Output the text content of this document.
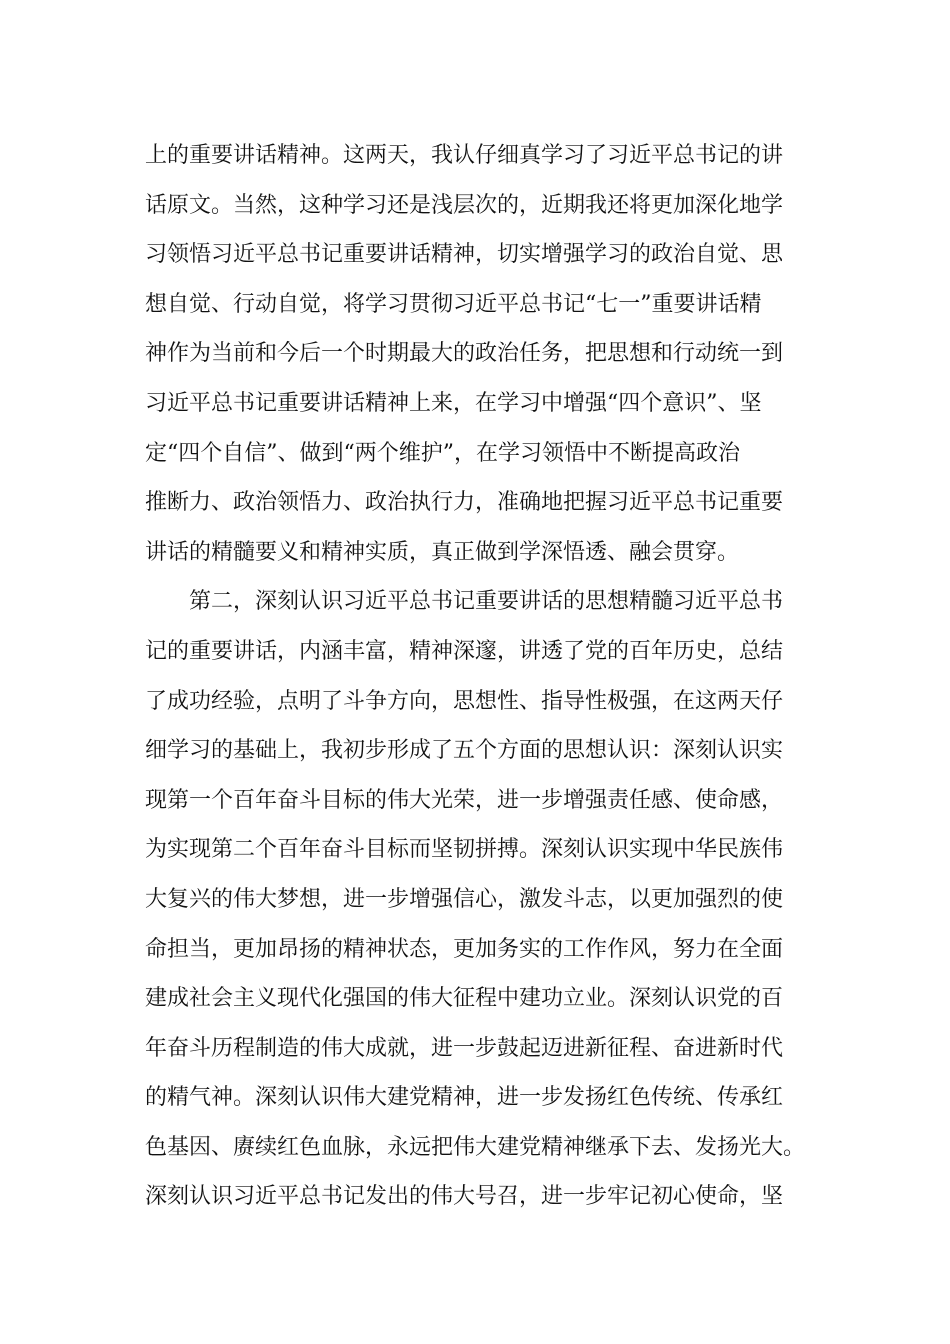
上的重要讲话精神。这两天，我认仔细真学习了习近平总书记的讲
话原文。当然，这种学习还是浅层次的，近期我还将更加深化地学
习领悟习近平总书记重要讲话精神，切实增强学习的政治自觉、思
想自觉、行动自觉，将学习贯彻习近平总书记“七一”重要讲话精
神作为当前和今后一个时期最大的政治任务，把思想和行动统一到
习近平总书记重要讲话精神上来，在学习中增强“四个意识”、坚
定“四个自信”、做到“两个维护”，在学习领悟中不断提高政治
推断力、政治领悟力、政治执行力，准确地把握习近平总书记重要
讲话的精髓要义和精神实质，真正做到学深悟透、融会贯穿。
第二，深刻认识习近平总书记重要讲话的思想精髓习近平总书
记的重要讲话，内涵丰富，精神深邃，讲透了党的百年历史，总结
了成功经验，点明了斗争方向，思想性、指导性极强，在这两天仔
细学习的基础上，我初步形成了五个方面的思想认识：深刻认识实
现第一个百年奋斗目标的伟大光荣，进一步增强责任感、使命感，
为实现第二个百年奋斗目标而坚韧拼搏。深刻认识实现中华民族伟
大复兴的伟大梦想，进一步增强信心，激发斗志，以更加强烈的使
命担当，更加昂扬的精神状态，更加务实的工作作风，努力在全面
建成社会主义现代化强国的伟大征程中建功立业。深刻认识党的百
年奋斗历程制造的伟大成就，进一步鼓起迈进新征程、奋进新时代
的精气神。深刻认识伟大建党精神，进一步发扬红色传统、传承红
色基因、赓续红色血脉，永远把伟大建党精神继承下去、发扬光大。
深刻认识习近平总书记发出的伟大号召，进一步牢记初心使命，坚
